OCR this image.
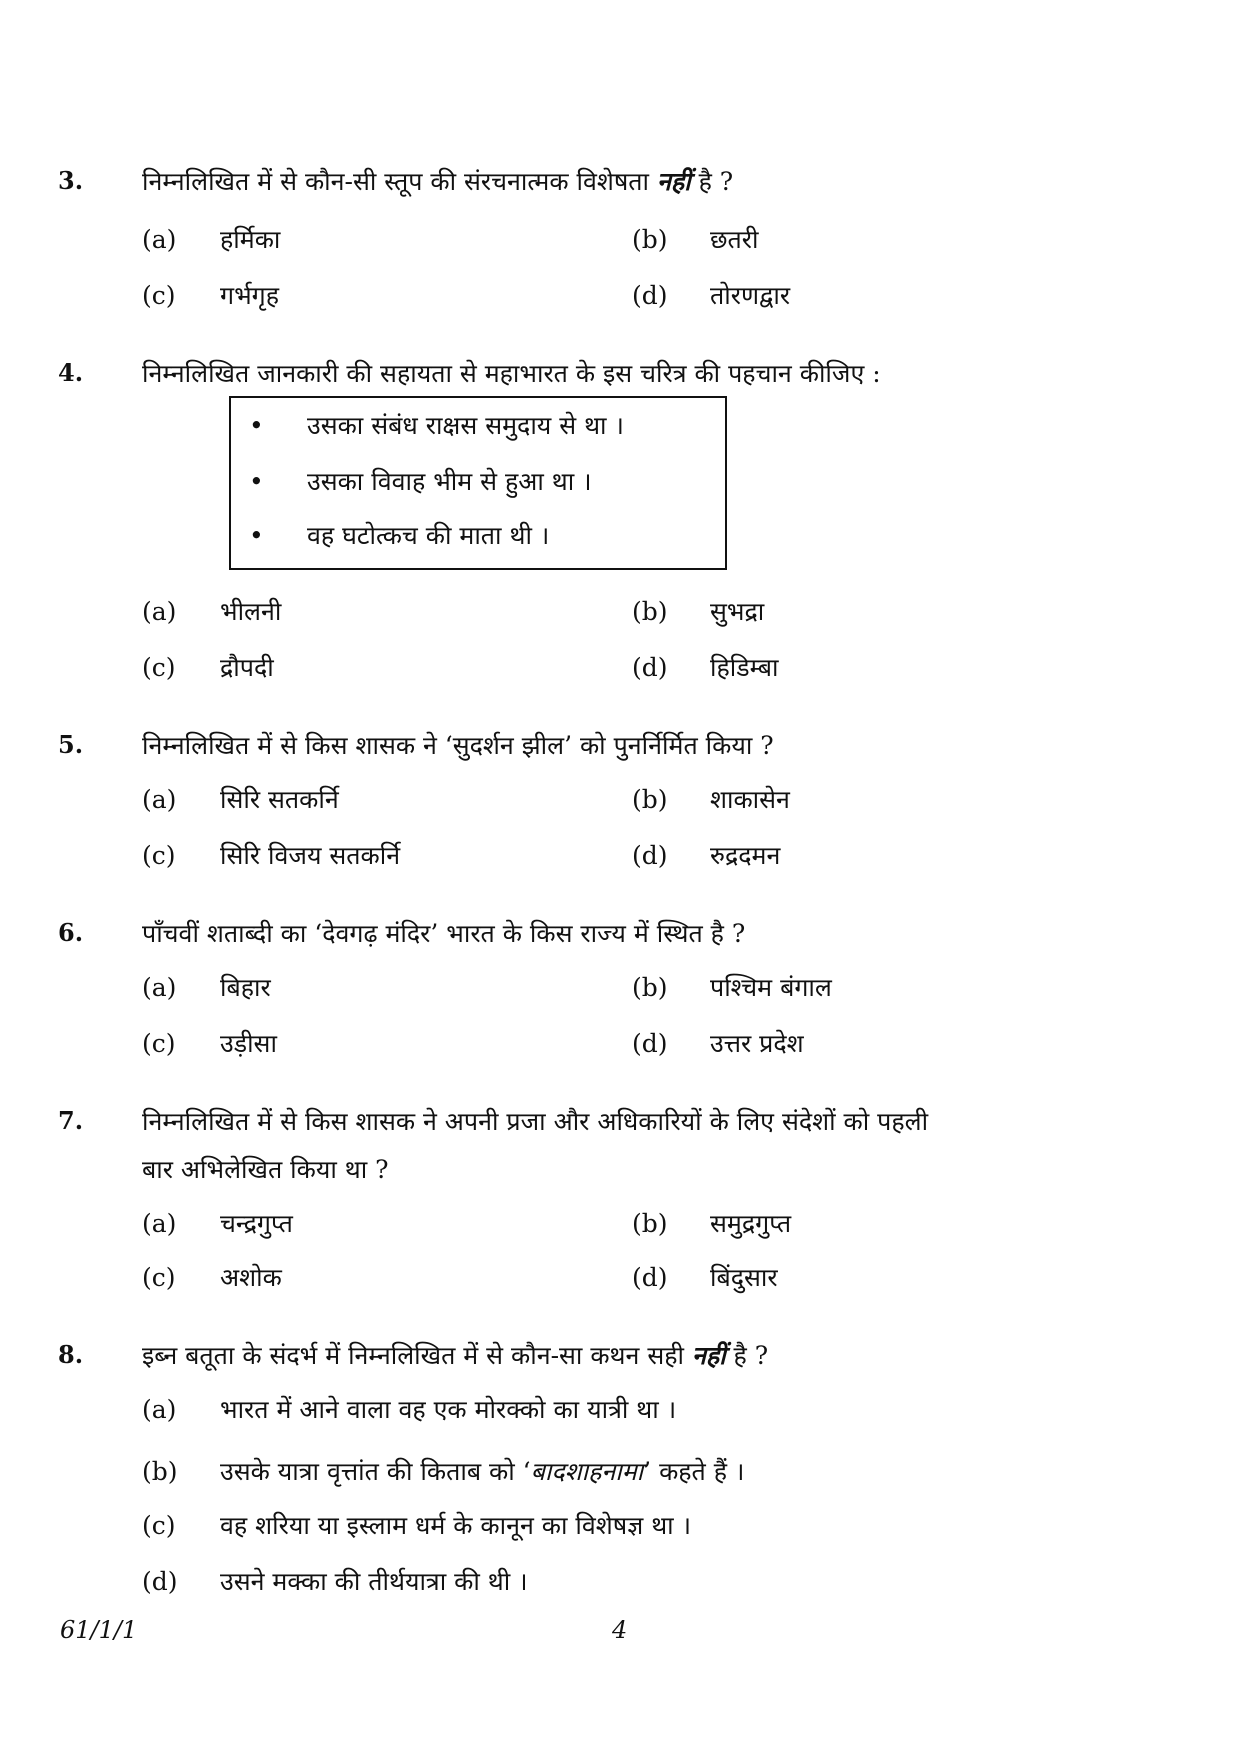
3. निम्नलिखित में से कौन-सी स्तूप की संरचनात्मक विशेषता नहीं है ?
(a) हर्मिका	(b) छतरी
(c) गर्भगृह	(d) तोरणद्वार
4. निम्नलिखित जानकारी की सहायता से महाभारत के इस चरित्र की पहचान कीजिए :
• उसका संबंध राक्षस समुदाय से था ।
• उसका विवाह भीम से हुआ था ।
• वह घटोत्कच की माता थी ।
(a) भीलनी	(b) सुभद्रा
(c) द्रौपदी	(d) हिडिम्बा
5. निम्नलिखित में से किस शासक ने ‘सुदर्शन झील’ को पुनर्निर्मित किया ?
(a) सिरि सतकर्नि	(b) शाकासेन
(c) सिरि विजय सतकर्नि	(d) रुद्रदमन
6. पाँचवीं शताब्दी का ‘देवगढ़ मंदिर’ भारत के किस राज्य में स्थित है ?
(a) बिहार	(b) पश्चिम बंगाल
(c) उड़ीसा	(d) उत्तर प्रदेश
7. निम्नलिखित में से किस शासक ने अपनी प्रजा और अधिकारियों के लिए संदेशों को पहली
बार अभिलेखित किया था ?
(a) चन्द्रगुप्त	(b) समुद्रगुप्त
(c) अशोक	(d) बिंदुसार
8. इब्न बतूता के संदर्भ में निम्नलिखित में से कौन-सा कथन सही नहीं है ?
(a) भारत में आने वाला वह एक मोरक्को का यात्री था ।
(b) उसके यात्रा वृत्तांत की किताब को ‘बादशाहनामा’ कहते हैं ।
(c) वह शरिया या इस्लाम धर्म के कानून का विशेषज्ञ था ।
(d) उसने मक्का की तीर्थयात्रा की थी ।
61/1/1	4
